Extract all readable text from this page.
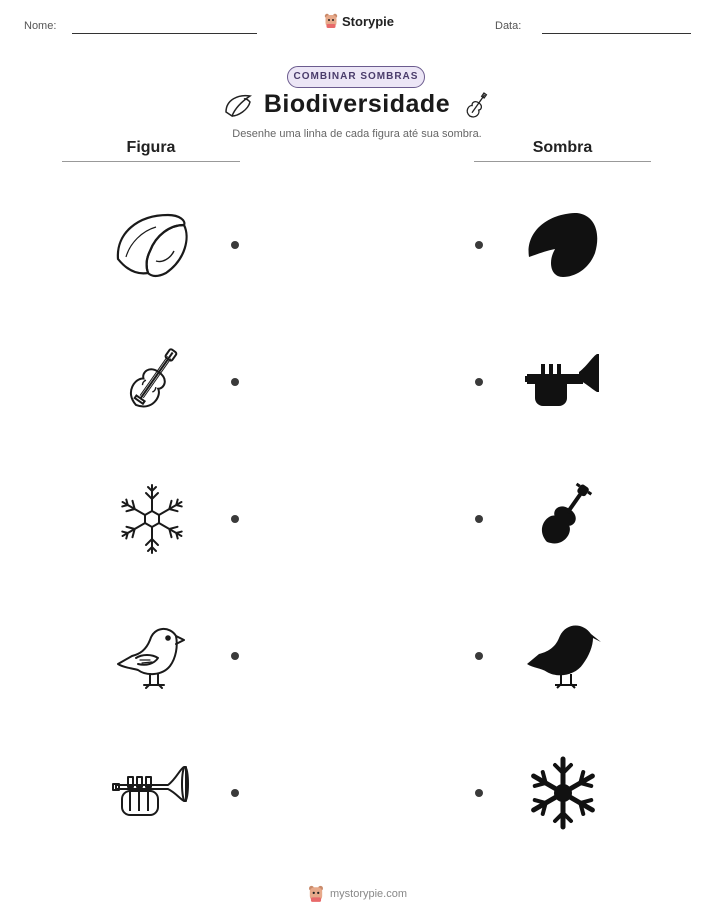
Nome:	Storypie	Data:
COMBINAR SOMBRAS
Biodiversidade
Desenhe uma linha de cada figura até sua sombra.
Figura	Sombra
mystorypie.com
